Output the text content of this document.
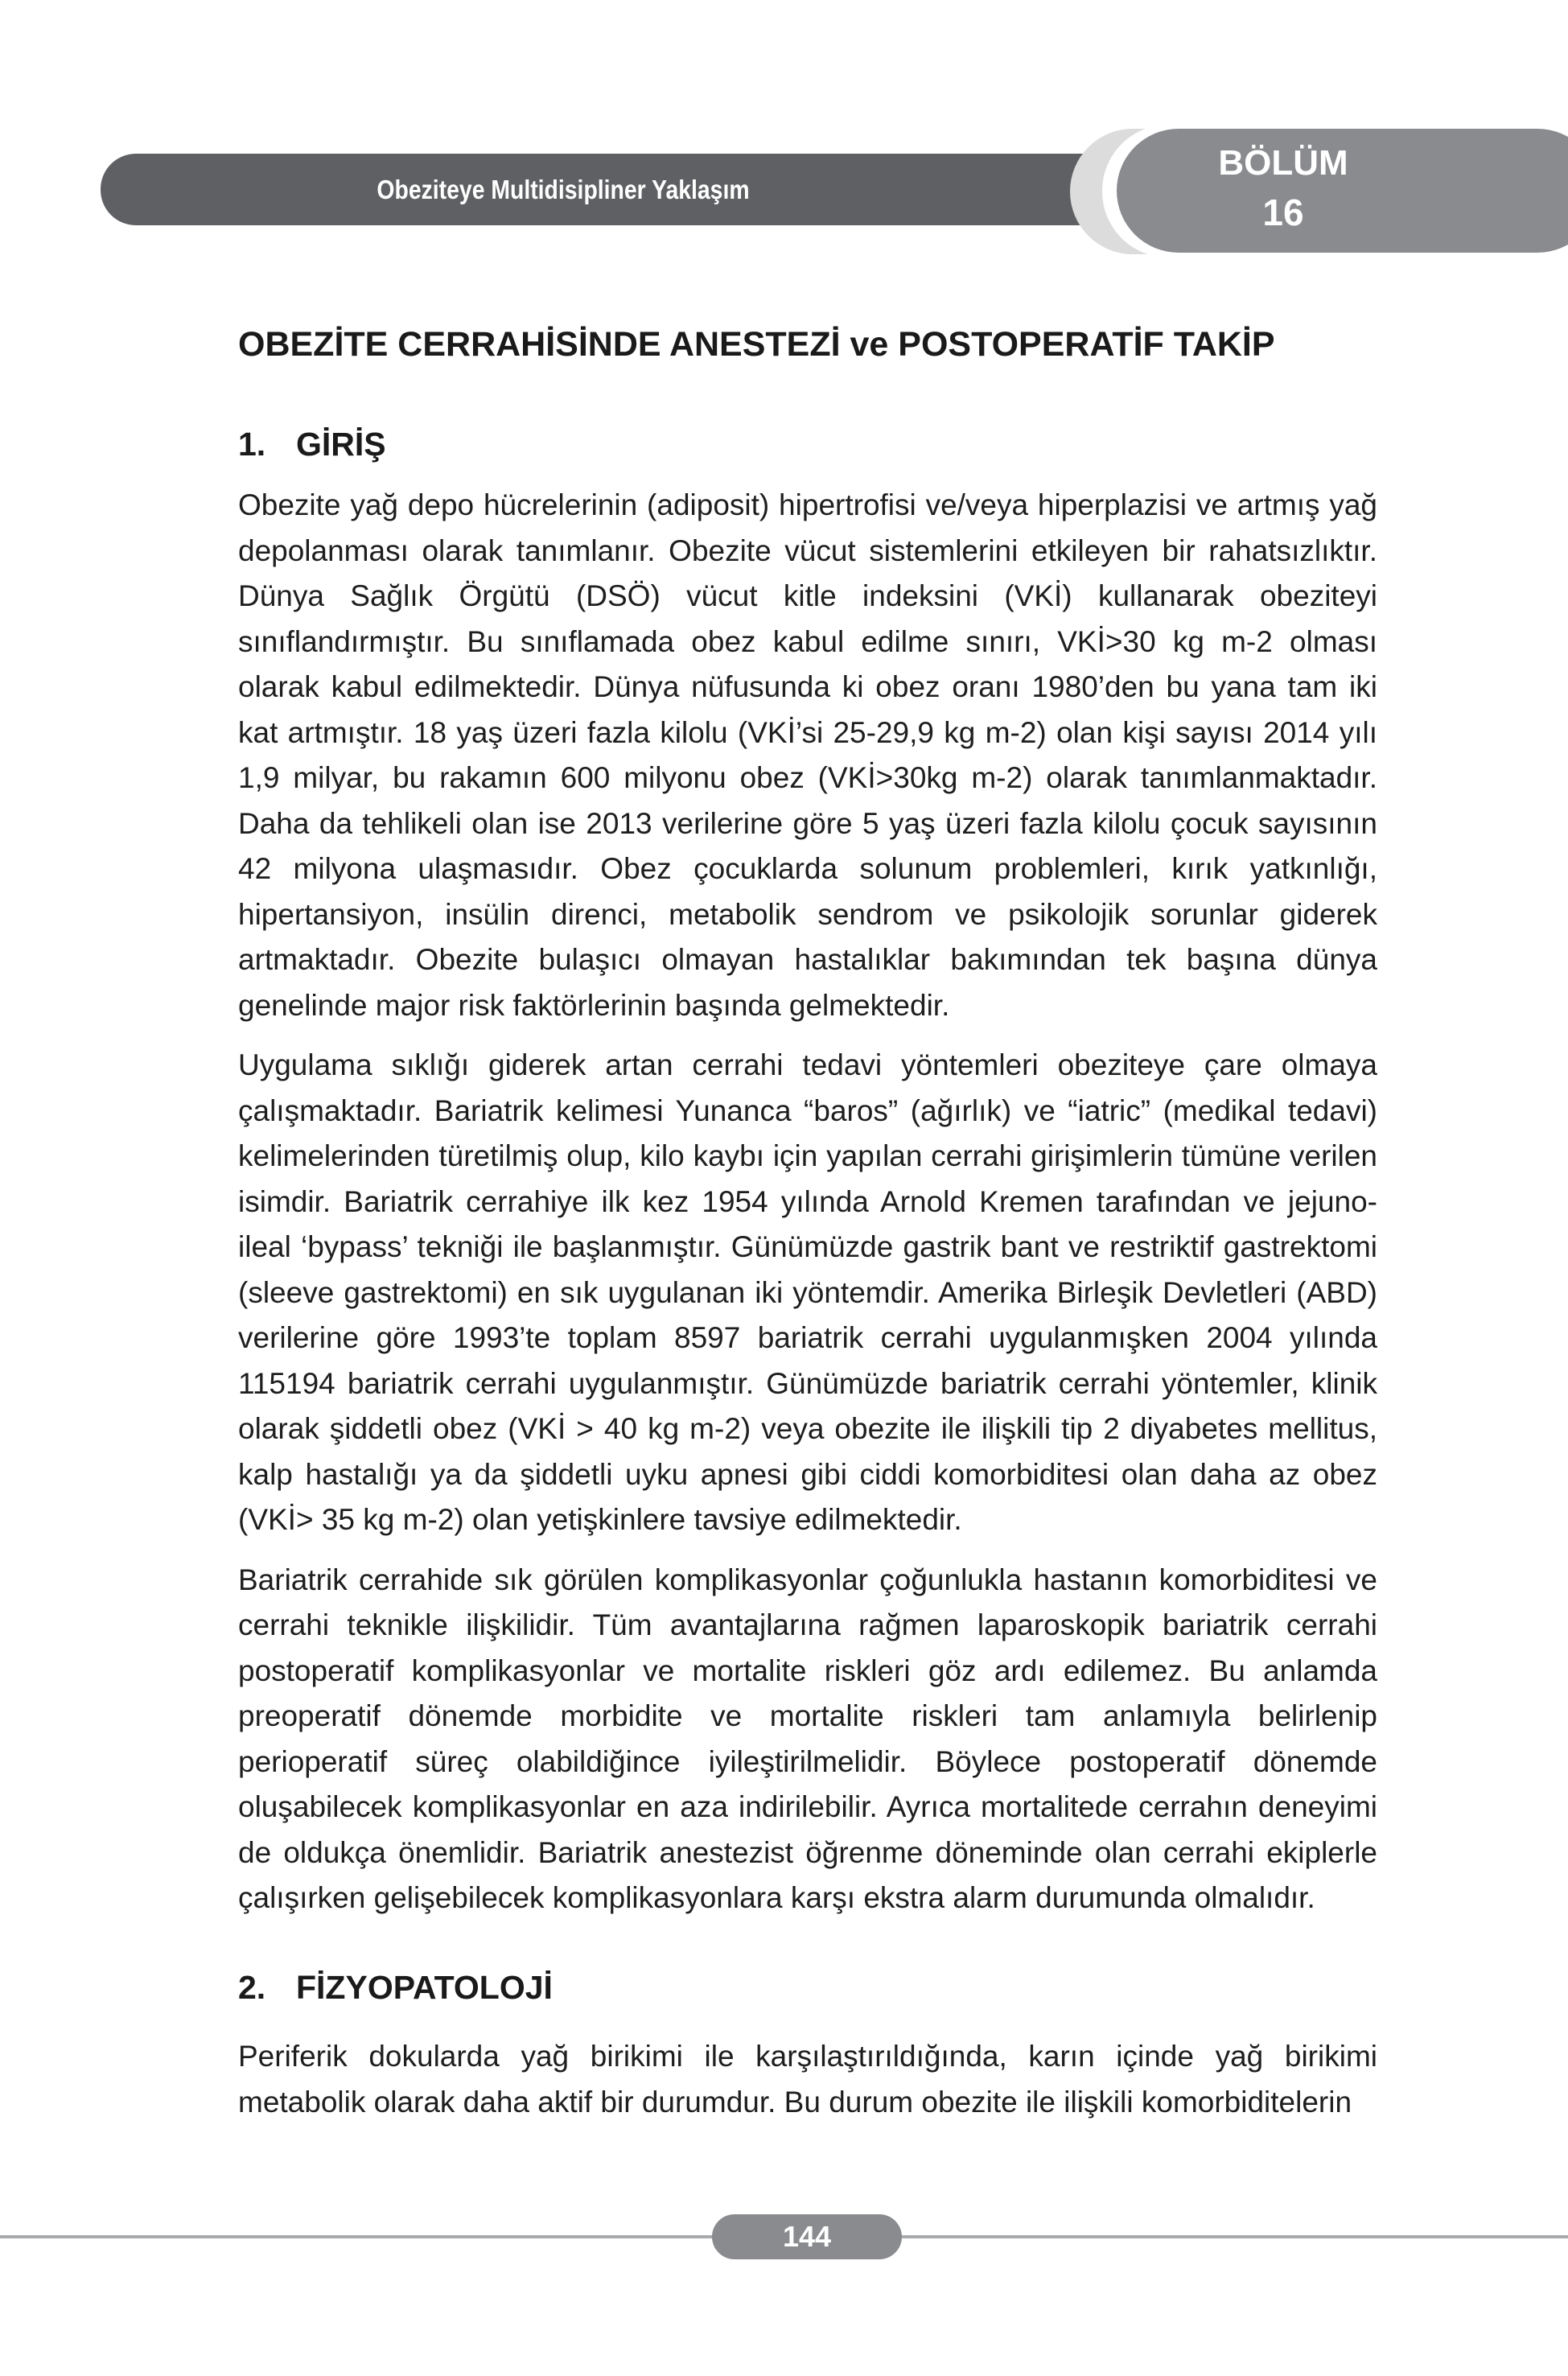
Obeziteye Multidisipliner Yaklaşım
BÖLÜM
16
OBEZİTE CERRAHİSİNDE ANESTEZİ ve POSTOPERATİF TAKİP
1. GİRİŞ

Obezite yağ depo hücrelerinin (adiposit) hipertrofisi ve/veya hiperplazisi ve artmış yağ depolanması olarak tanımlanır. Obezite vücut sistemlerini etkileyen bir rahatsızlıktır. Dünya Sağlık Örgütü (DSÖ) vücut kitle indeksini (VKİ) kullanarak obeziteyi sınıflandırmıştır. Bu sınıflamada obez kabul edilme sınırı, VKİ>30 kg m-2 olması olarak kabul edilmektedir. Dünya nüfusunda ki obez oranı 1980’den bu yana tam iki kat artmıştır. 18 yaş üzeri fazla kilolu (VKİ’si 25-29,9 kg m-2) olan kişi sayısı 2014 yılı 1,9 milyar, bu rakamın 600 milyonu obez (VKİ>30kg m-2) olarak tanımlanmaktadır. Daha da tehlikeli olan ise 2013 verilerine göre 5 yaş üzeri fazla kilolu çocuk sayısının 42 milyona ulaşmasıdır. Obez çocuklarda solunum problemleri, kırık yatkınlığı, hipertansiyon, insülin direnci, metabolik sendrom ve psikolojik sorunlar giderek artmaktadır. Obezite bulaşıcı olmayan hastalıklar bakımından tek başına dünya genelinde major risk faktörlerinin başında gelmektedir.

Uygulama sıklığı giderek artan cerrahi tedavi yöntemleri obeziteye çare olmaya çalışmaktadır. Bariatrik kelimesi Yunanca “baros” (ağırlık) ve “iatric” (medikal tedavi) kelimelerinden türetilmiş olup, kilo kaybı için yapılan cerrahi girişimlerin tümüne verilen isimdir. Bariatrik cerrahiye ilk kez 1954 yılında Arnold Kremen tarafından ve jejuno-ileal ‘bypass’ tekniği ile başlanmıştır. Günümüzde gastrik bant ve restriktif gastrektomi (sleeve gastrektomi) en sık uygulanan iki yöntemdir. Amerika Birleşik Devletleri (ABD) verilerine göre 1993’te toplam 8597 bariatrik cerrahi uygulanmışken 2004 yılında 115194 bariatrik cerrahi uygulanmıştır. Günümüzde bariatrik cerrahi yöntemler, klinik olarak şiddetli obez (VKİ > 40 kg m-2) veya obezite ile ilişkili tip 2 diyabetes mellitus, kalp hastalığı ya da şiddetli uyku apnesi gibi ciddi komorbiditesi olan daha az obez (VKİ> 35 kg m-2) olan yetişkinlere tavsiye edilmektedir.

Bariatrik cerrahide sık görülen komplikasyonlar çoğunlukla hastanın komorbiditesi ve cerrahi teknikle ilişkilidir. Tüm avantajlarına rağmen laparoskopik bariatrik cerrahi postoperatif komplikasyonlar ve mortalite riskleri göz ardı edilemez. Bu anlamda preoperatif dönemde morbidite ve mortalite riskleri tam anlamıyla belirlenip perioperatif süreç olabildiğince iyileştirilmelidir. Böylece postoperatif dönemde oluşabilecek komplikasyonlar en aza indirilebilir. Ayrıca mortalitede cerrahın deneyimi de oldukça önemlidir. Bariatrik anestezist öğrenme döneminde olan cerrahi ekiplerle çalışırken gelişebilecek komplikasyonlara karşı ekstra alarm durumunda olmalıdır.

2. FİZYOPATOLOJİ

Periferik dokularda yağ birikimi ile karşılaştırıldığında, karın içinde yağ birikimi metabolik olarak daha aktif bir durumdur. Bu durum obezite ile ilişkili komorbiditelerin

144
